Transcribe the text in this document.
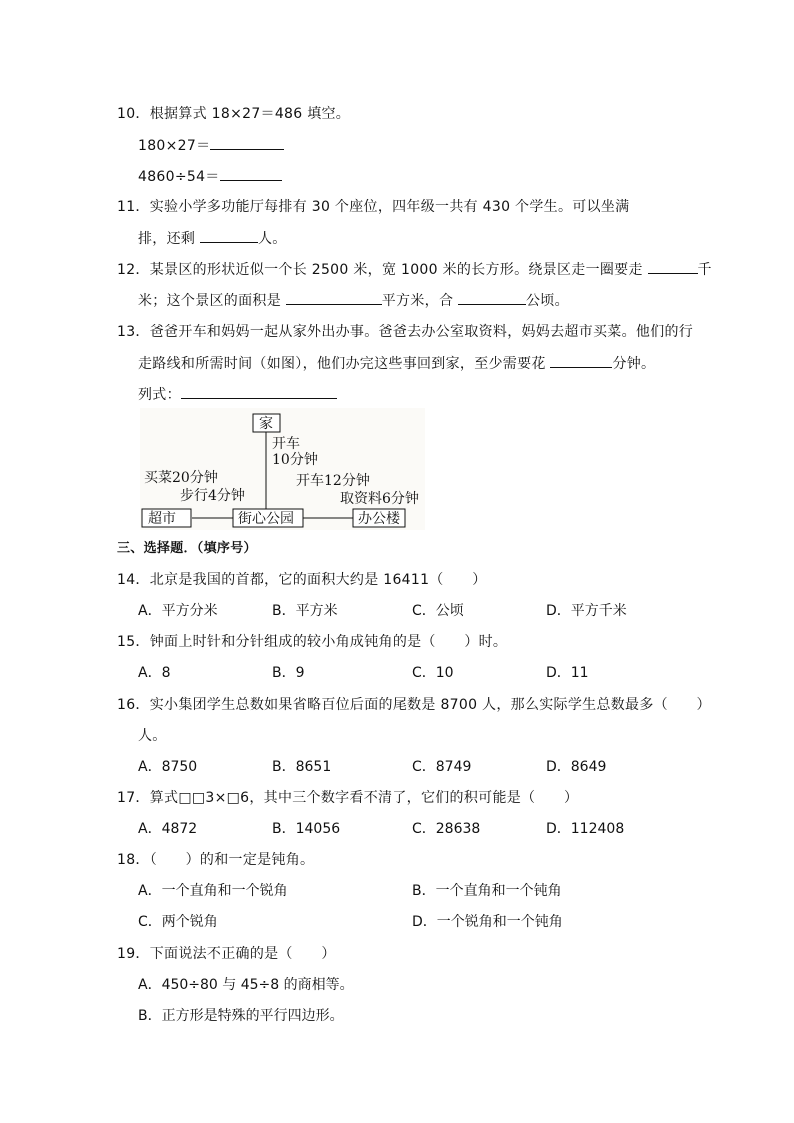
10．根据算式 18×27＝486 填空。
180×27＝
4860÷54＝
11．实验小学多功能厅每排有 30 个座位，四年级一共有 430 个学生。可以坐满
排，还剩	人。
12．某景区的形状近似一个长 2500 米，宽 1000 米的长方形。绕景区走一圈要走	千
米；这个景区的面积是	平方米，合	公顷。
13．爸爸开车和妈妈一起从家外出办事。爸爸去办公室取资料，妈妈去超市买菜。他们的行
走路线和所需时间（如图），他们办完这些事回到家，至少需要花	分钟。
列式：
家
超市	街心公园	办公楼
开车
10分钟
买菜20分钟
步行4分钟
开车12分钟
取资料6分钟
三、选择题．（填序号）
14．北京是我国的首都，它的面积大约是 16411（　　）
A．平方分米	B．平方米	C．公顷	D．平方千米
15．钟面上时针和分针组成的较小角成钝角的是（　　）时。
A．8	B．9	C．10	D．11
16．实小集团学生总数如果省略百位后面的尾数是 8700 人，那么实际学生总数最多（　　）
人。
A．8750	B．8651	C．8749	D．8649
17．算式□□3×□6，其中三个数字看不清了，它们的积可能是（　　）
A．4872	B．14056	C．28638	D．112408
18．（　　）的和一定是钝角。
A．一个直角和一个锐角	B．一个直角和一个钝角
C．两个锐角	D．一个锐角和一个钝角
19．下面说法不正确的是（　　）
A．450÷80 与 45÷8 的商相等。
B．正方形是特殊的平行四边形。
